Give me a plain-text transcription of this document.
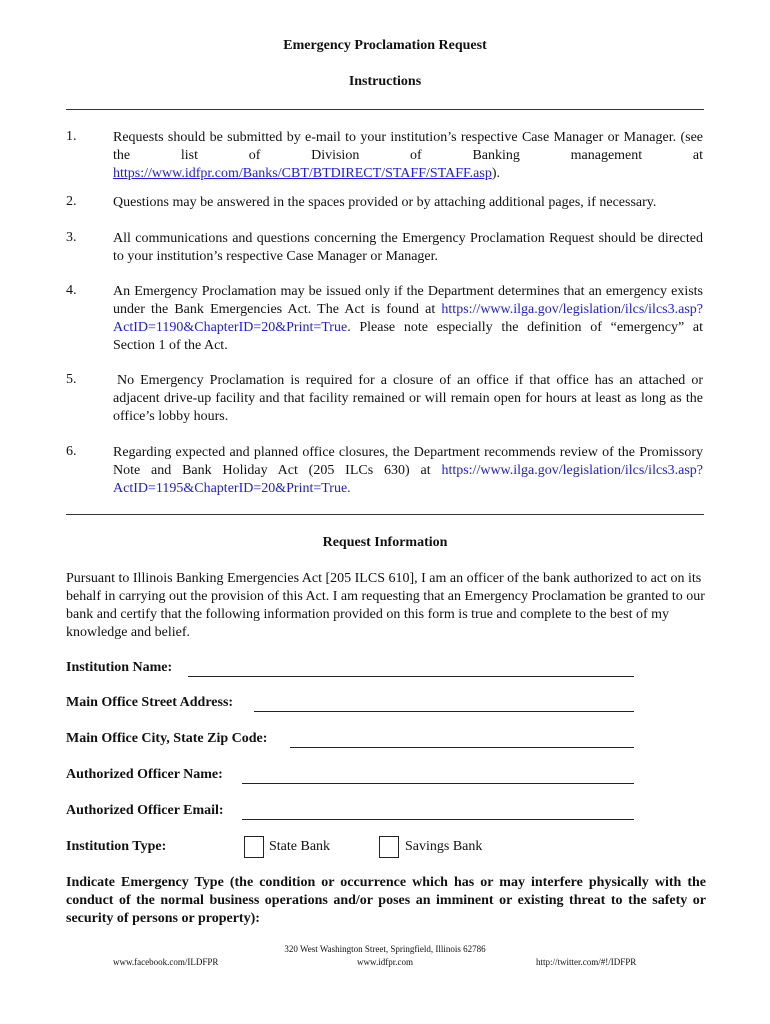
Emergency Proclamation Request
Instructions
1.	Requests should be submitted by e-mail to your institution’s respective Case Manager or Manager. (see the list of Division of Banking management at
https://www.idfpr.com/Banks/CBT/BTDIRECT/STAFF/STAFF.asp).
2.	Questions may be answered in the spaces provided or by attaching additional pages, if necessary.
3.	All communications and questions concerning the Emergency Proclamation Request should be directed to your institution’s respective Case Manager or Manager.
4.	An Emergency Proclamation may be issued only if the Department determines that an emergency exists under the Bank Emergencies Act. The Act is found at https://www.ilga.gov/legislation/ilcs/ilcs3.asp?ActID=1190&ChapterID=20&Print=True. Please note especially the definition of “emergency” at Section 1 of the Act.
5.	No Emergency Proclamation is required for a closure of an office if that office has an attached or adjacent drive-up facility and that facility remained or will remain open for hours at least as long as the office’s lobby hours.
6.	Regarding expected and planned office closures, the Department recommends review of the Promissory Note and Bank Holiday Act (205 ILCs 630) at https://www.ilga.gov/legislation/ilcs/ilcs3.asp?ActID=1195&ChapterID=20&Print=True.
Request Information
Pursuant to Illinois Banking Emergencies Act [205 ILCS 610], I am an officer of the bank authorized to act on its behalf in carrying out the provision of this Act. I am requesting that an Emergency Proclamation be granted to our bank and certify that the following information provided on this form is true and complete to the best of my knowledge and belief.
Institution Name:
Main Office Street Address:
Main Office City, State Zip Code:
Authorized Officer Name:
Authorized Officer Email:
Institution Type:	State Bank	Savings Bank
Indicate Emergency Type (the condition or occurrence which has or may interfere physically with the conduct of the normal business operations and/or poses an imminent or existing threat to the safety or security of persons or property):
www.facebook.com/ILDFPR
320 West Washington Street, Springfield, Illinois 62786
www.idfpr.com	http://twitter.com/#!/IDFPR
